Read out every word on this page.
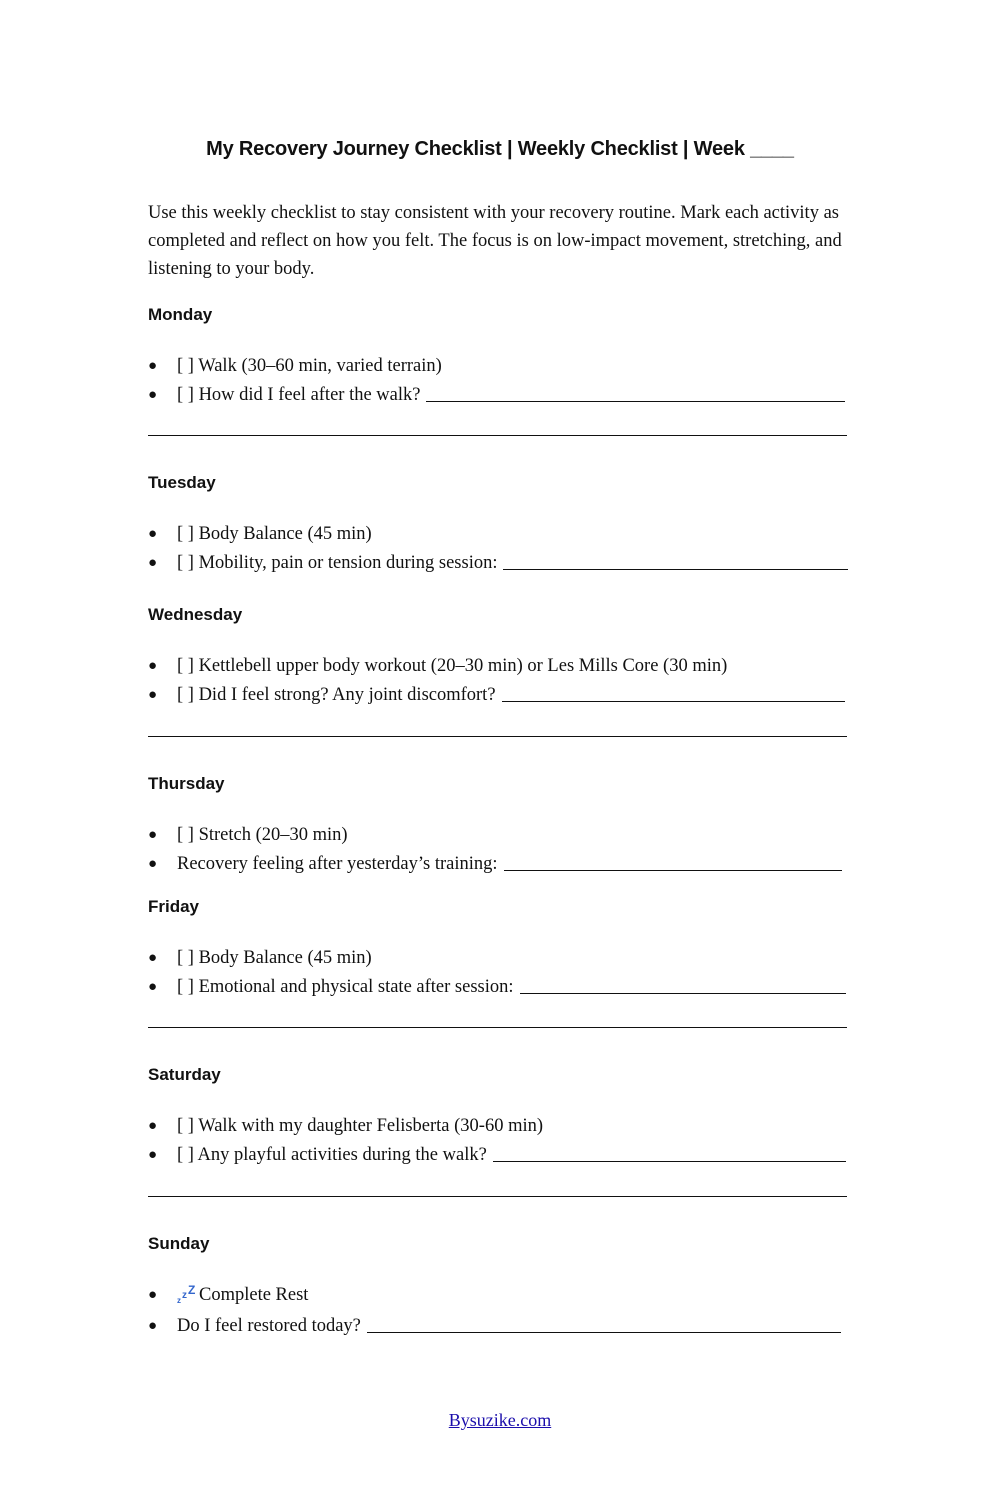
My Recovery Journey Checklist | Weekly Checklist | Week ____

Use this weekly checklist to stay consistent with your recovery routine. Mark each activity as completed and reflect on how you felt. The focus is on low-impact movement, stretching, and listening to your body.

Monday
●	[ ] Walk (30–60 min, varied terrain)
●	[ ] How did I feel after the walk?
Tuesday
●	[ ] Body Balance (45 min)
●	[ ] Mobility, pain or tension during session:
Wednesday
●	[ ] Kettlebell upper body workout (20–30 min) or Les Mills Core (30 min)
●	[ ] Did I feel strong? Any joint discomfort?
Thursday
●	[ ] Stretch (20–30 min)
●	Recovery feeling after yesterday’s training:
Friday
●	[ ] Body Balance (45 min)
●	[ ] Emotional and physical state after session:
Saturday
●	[ ] Walk with my daughter Felisberta (30-60 min)
●	[ ] Any playful activities during the walk?
Sunday
●	z z Z Complete Rest
●	Do I feel restored today?
Bysuzike.com
